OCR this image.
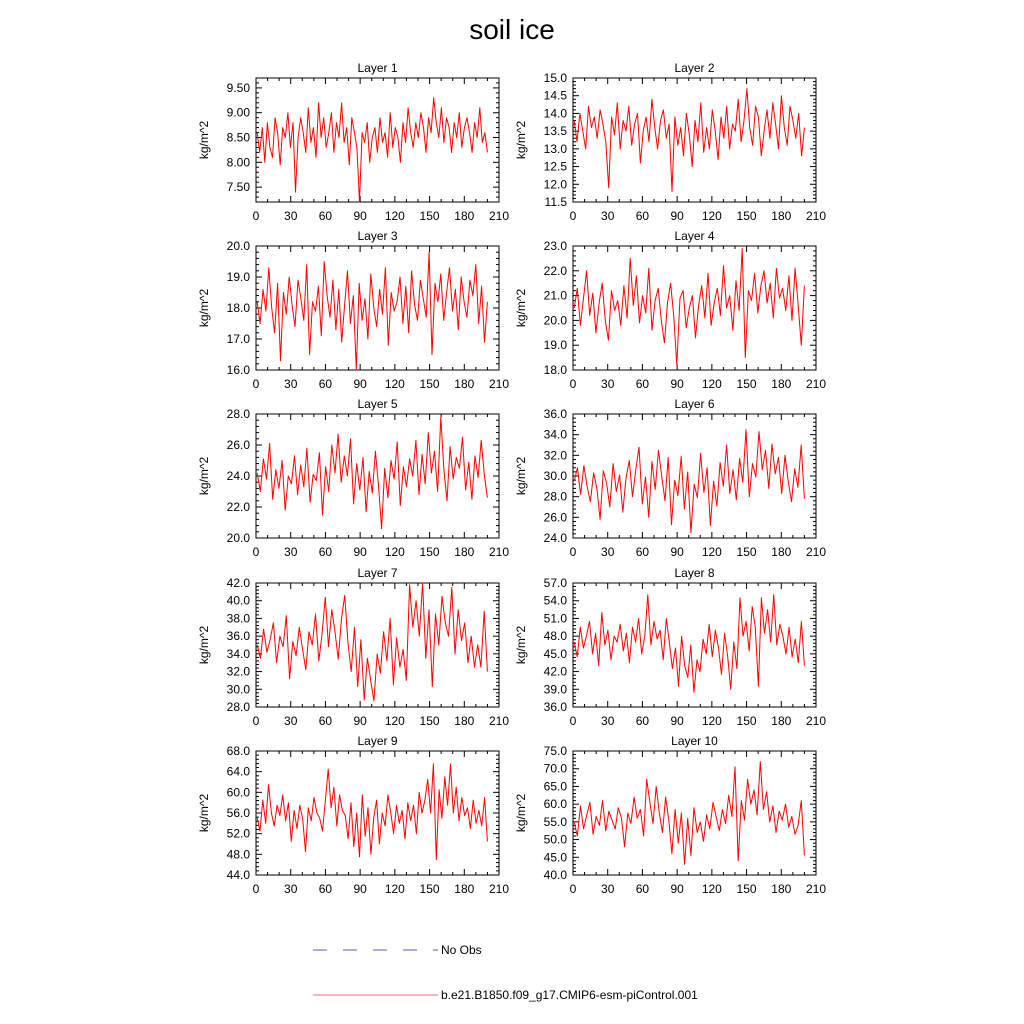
soil ice
Layer 1
kg/m^2
0 30 60 90 120 150 180 210
7.50
8.00
8.50
9.00
9.50
Layer 2
kg/m^2
0 30 60 90 120 150 180 210
11.5
12.0
12.5
13.0
13.5
14.0
14.5
15.0
Layer 3
kg/m^2
0 30 60 90 120 150 180 210
16.0
17.0
18.0
19.0
20.0
Layer 4
kg/m^2
0 30 60 90 120 150 180 210
18.0
19.0
20.0
21.0
22.0
23.0
Layer 5
kg/m^2
0 30 60 90 120 150 180 210
20.0
22.0
24.0
26.0
28.0
Layer 6
kg/m^2
0 30 60 90 120 150 180 210
24.0
26.0
28.0
30.0
32.0
34.0
36.0
Layer 7
kg/m^2
0 30 60 90 120 150 180 210
28.0
30.0
32.0
34.0
36.0
38.0
40.0
42.0
Layer 8
kg/m^2
0 30 60 90 120 150 180 210
36.0
39.0
42.0
45.0
48.0
51.0
54.0
57.0
Layer 9
kg/m^2
0 30 60 90 120 150 180 210
44.0
48.0
52.0
56.0
60.0
64.0
68.0
Layer 10
kg/m^2
0 30 60 90 120 150 180 210
40.0
45.0
50.0
55.0
60.0
65.0
70.0
75.0
No Obs
b.e21.B1850.f09_g17.CMIP6-esm-piControl.001
